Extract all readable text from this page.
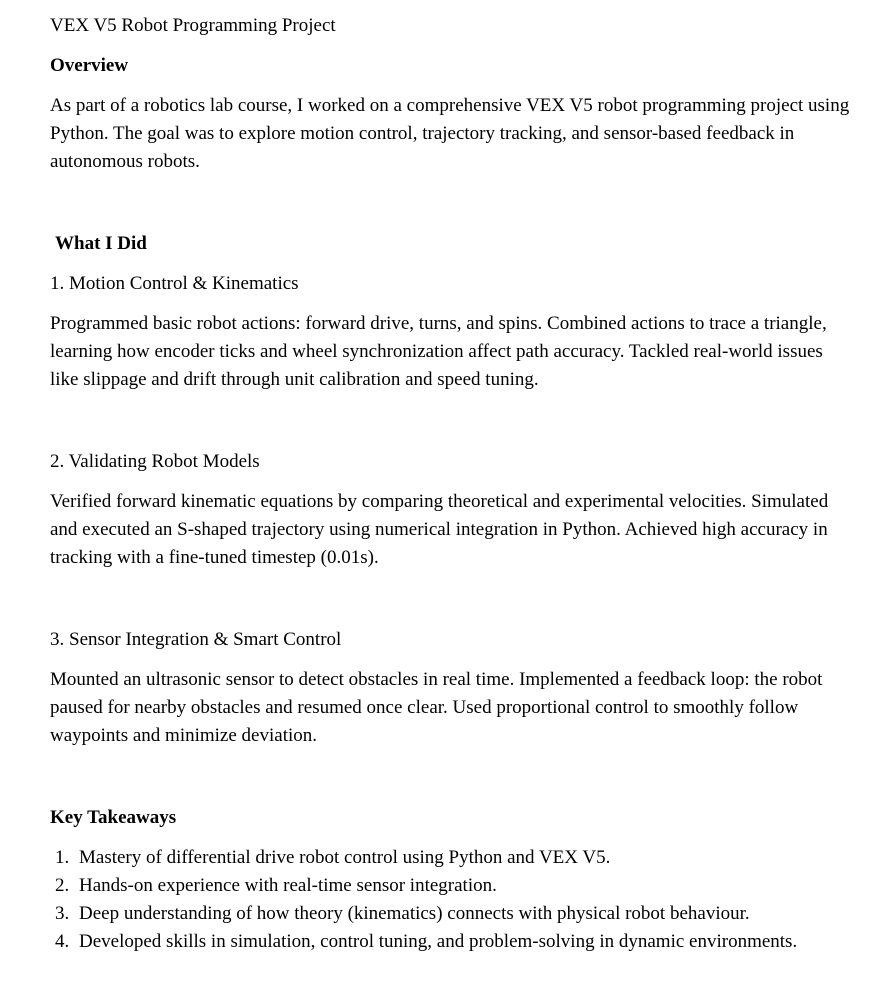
VEX V5 Robot Programming Project

Overview

As part of a robotics lab course, I worked on a comprehensive VEX V5 robot programming project using Python. The goal was to explore motion control, trajectory tracking, and sensor-based feedback in autonomous robots.

What I Did

1. Motion Control & Kinematics

Programmed basic robot actions: forward drive, turns, and spins. Combined actions to trace a triangle, learning how encoder ticks and wheel synchronization affect path accuracy. Tackled real-world issues like slippage and drift through unit calibration and speed tuning.

2. Validating Robot Models

Verified forward kinematic equations by comparing theoretical and experimental velocities. Simulated and executed an S-shaped trajectory using numerical integration in Python. Achieved high accuracy in tracking with a fine-tuned timestep (0.01s).

3. Sensor Integration & Smart Control

Mounted an ultrasonic sensor to detect obstacles in real time. Implemented a feedback loop: the robot paused for nearby obstacles and resumed once clear. Used proportional control to smoothly follow waypoints and minimize deviation.

Key Takeaways

1. Mastery of differential drive robot control using Python and VEX V5.
2. Hands-on experience with real-time sensor integration.
3. Deep understanding of how theory (kinematics) connects with physical robot behaviour.
4. Developed skills in simulation, control tuning, and problem-solving in dynamic environments.
